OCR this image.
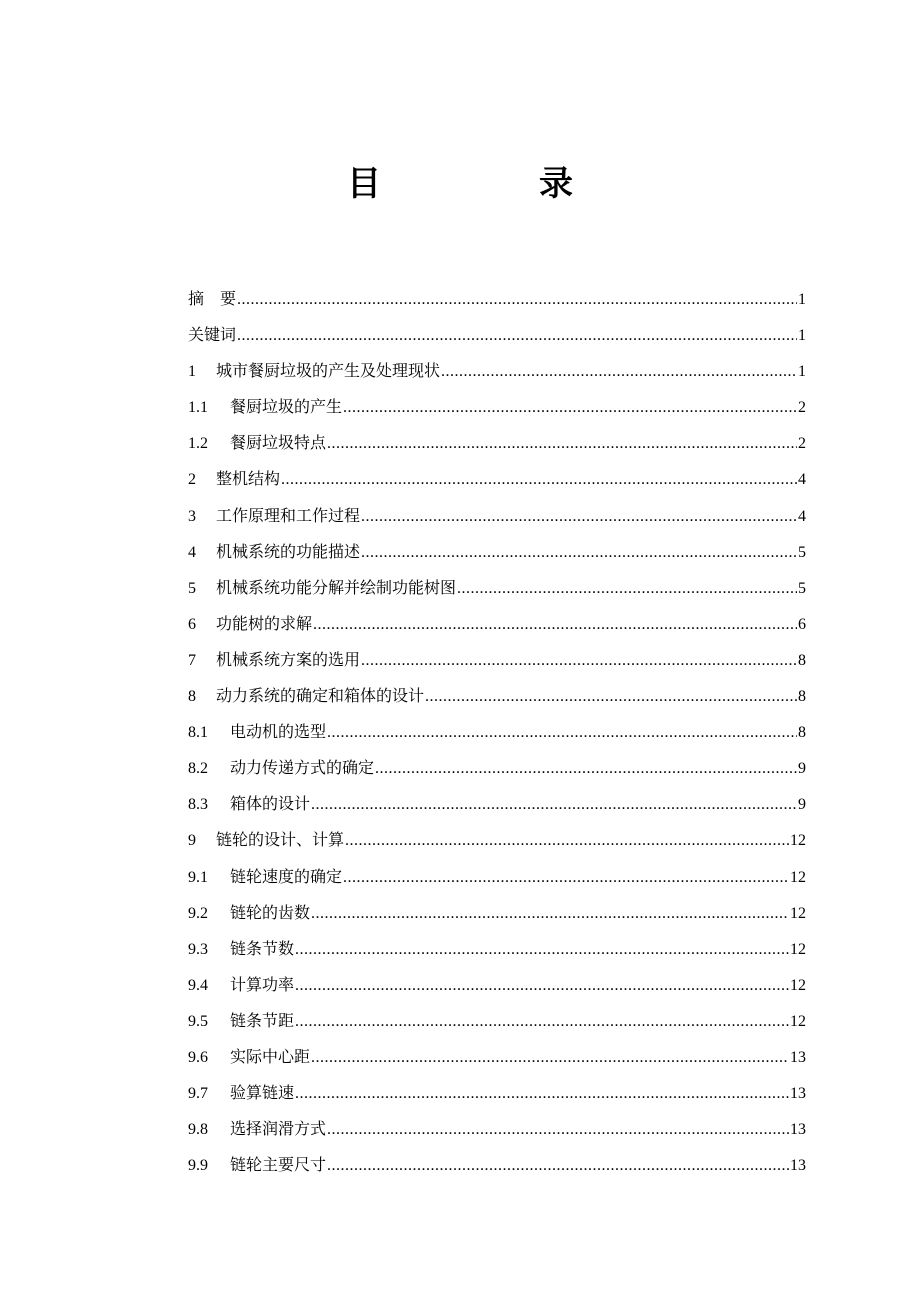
目　录
摘　要 .....	1
关键词 .....	1
1	城市餐厨垃圾的产生及处理现状 .....	1
1.1	餐厨垃圾的产生 .....	2
1.2	餐厨垃圾特点 .....	2
2	整机结构 .....	4
3	工作原理和工作过程 .....	4
4	机械系统的功能描述 .....	5
5	机械系统功能分解并绘制功能树图 .....	5
6	功能树的求解 .....	6
7	机械系统方案的选用 .....	8
8	动力系统的确定和箱体的设计 .....	8
8.1	电动机的选型 .....	8
8.2	动力传递方式的确定 .....	9
8.3	箱体的设计 .....	9
9	链轮的设计、计算 .....	12
9.1	链轮速度的确定 .....	12
9.2	链轮的齿数 .....	12
9.3	链条节数 .....	12
9.4	计算功率 .....	12
9.5	链条节距 .....	12
9.6	实际中心距 .....	13
9.7	验算链速 .....	13
9.8	选择润滑方式 .....	13
9.9	链轮主要尺寸 .....	13
